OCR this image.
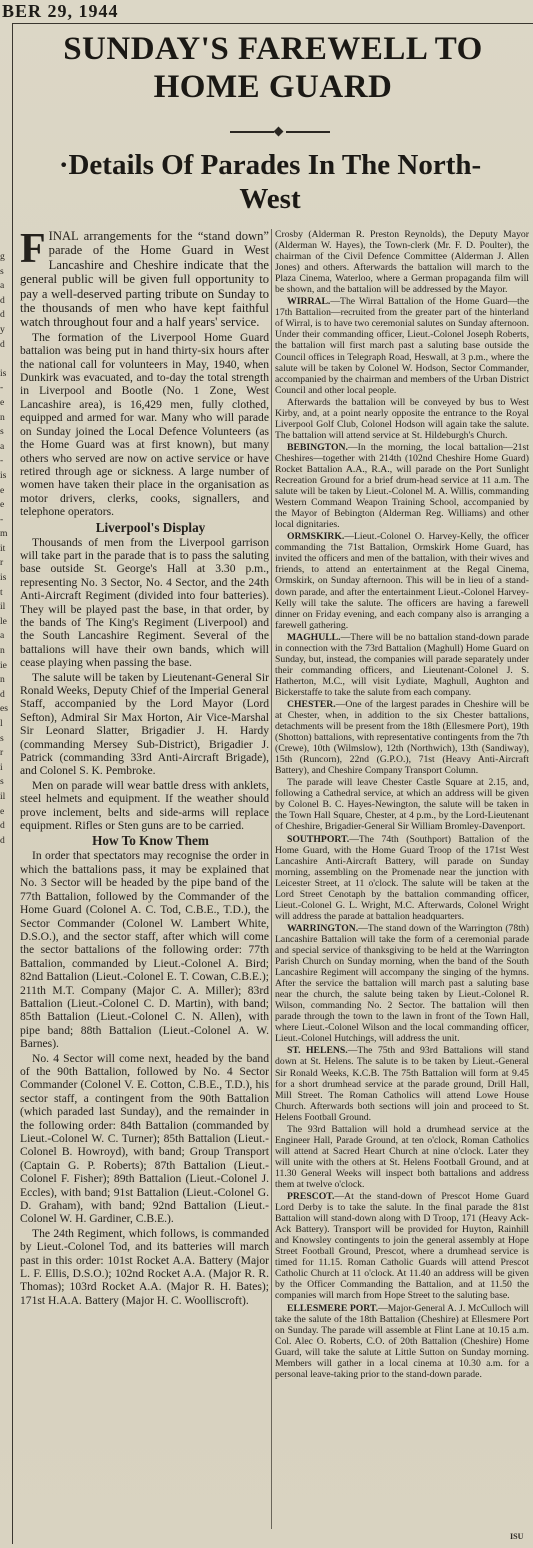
BER 29, 1944
g
s
a
d
d
y
d
is
-
e
n
s
a
-
is
e
e
-
m
it
r
is
t
il
le
a
n
ie
n
d
es
l
s
r
i
s
il
e
d
d
SUNDAY'S FAREWELL TO HOME GUARD
·Details Of Parades In The North-West

FINAL arrangements for the “stand down” parade of the Home Guard in West Lancashire and Cheshire indicate that the general public will be given full opportunity to pay a well-deserved parting tribute on Sunday to the thousands of men who have kept faithful watch throughout four and a half years' service.

The formation of the Liverpool Home Guard battalion was being put in hand thirty-six hours after the national call for volunteers in May, 1940, when Dunkirk was evacuated, and to-day the total strength in Liverpool and Bootle (No. 1 Zone, West Lancashire area), is 16,429 men, fully clothed, equipped and armed for war. Many who will parade on Sunday joined the Local Defence Volunteers (as the Home Guard was at first known), but many others who served are now on active service or have retired through age or sickness. A large number of women have taken their place in the organisation as motor drivers, clerks, cooks, signallers, and telephone operators.

Liverpool's Display

Thousands of men from the Liverpool garrison will take part in the parade that is to pass the saluting base outside St. George's Hall at 3.30 p.m., representing No. 3 Sector, No. 4 Sector, and the 24th Anti-Aircraft Regiment (divided into four batteries). They will be played past the base, in that order, by the bands of The King's Regiment (Liverpool) and the South Lancashire Regiment. Several of the battalions will have their own bands, which will cease playing when passing the base.

The salute will be taken by Lieutenant-General Sir Ronald Weeks, Deputy Chief of the Imperial General Staff, accompanied by the Lord Mayor (Lord Sefton), Admiral Sir Max Horton, Air Vice-Marshal Sir Leonard Slatter, Brigadier J. H. Hardy (commanding Mersey Sub-District), Brigadier J. Patrick (commanding 33rd Anti-Aircraft Brigade), and Colonel S. K. Pembroke.

Men on parade will wear battle dress with anklets, steel helmets and equipment. If the weather should prove inclement, belts and side-arms will replace equipment. Rifles or Sten guns are to be carried.

How To Know Them

In order that spectators may recognise the order in which the battalions pass, it may be explained that No. 3 Sector will be headed by the pipe band of the 77th Battalion, followed by the Commander of the Home Guard (Colonel A. C. Tod, C.B.E., T.D.), the Sector Commander (Colonel W. Lambert White, D.S.O.), and the sector staff, after which will come the sector battalions of the following order: 77th Battalion, commanded by Lieut.-Colonel A. Bird; 82nd Battalion (Lieut.-Colonel E. T. Cowan, C.B.E.); 211th M.T. Company (Major C. A. Miller); 83rd Battalion (Lieut.-Colonel C. D. Martin), with band; 85th Battalion (Lieut.-Colonel C. N. Allen), with pipe band; 88th Battalion (Lieut.-Colonel A. W. Barnes).

No. 4 Sector will come next, headed by the band of the 90th Battalion, followed by No. 4 Sector Commander (Colonel V. E. Cotton, C.B.E., T.D.), his sector staff, a contingent from the 90th Battalion (which paraded last Sunday), and the remainder in the following order: 84th Battalion (commanded by Lieut.-Colonel W. C. Turner); 85th Battalion (Lieut.-Colonel B. Howroyd), with band; Group Transport (Captain G. P. Roberts); 87th Battalion (Lieut.-Colonel F. Fisher); 89th Battalion (Lieut.-Colonel J. Eccles), with band; 91st Battalion (Lieut.-Colonel G. D. Graham), with band; 92nd Battalion (Lieut.-Colonel W. H. Gardiner, C.B.E.).

The 24th Regiment, which follows, is commanded by Lieut.-Colonel Tod, and its batteries will march past in this order: 101st Rocket A.A. Battery (Major L. F. Ellis, D.S.O.); 102nd Rocket A.A. (Major R. R. Thomas); 103rd Rocket A.A. (Major R. H. Bates); 171st H.A.A. Battery (Major H. C. Woolliscroft).

Crosby (Alderman R. Preston Reynolds), the Deputy Mayor (Alderman W. Hayes), the Town-clerk (Mr. F. D. Poulter), the chairman of the Civil Defence Committee (Alderman J. Allen Jones) and others. Afterwards the battalion will march to the Plaza Cinema, Waterloo, where a German propaganda film will be shown, and the battalion will be addressed by the Mayor.

WIRRAL.—The Wirral Battalion of the Home Guard—the 17th Battalion—recruited from the greater part of the hinterland of Wirral, is to have two ceremonial salutes on Sunday afternoon. Under their commanding officer, Lieut.-Colonel Joseph Roberts, the battalion will first march past a saluting base outside the Council offices in Telegraph Road, Heswall, at 3 p.m., where the salute will be taken by Colonel W. Hodson, Sector Commander, accompanied by the chairman and members of the Urban District Council and other local people.

Afterwards the battalion will be conveyed by bus to West Kirby, and, at a point nearly opposite the entrance to the Royal Liverpool Golf Club, Colonel Hodson will again take the salute. The battalion will attend service at St. Hildeburgh's Church.

BEBINGTON.—In the morning, the local battalion—21st Cheshires—together with 214th (102nd Cheshire Home Guard) Rocket Battalion A.A., R.A., will parade on the Port Sunlight Recreation Ground for a brief drum-head service at 11 a.m. The salute will be taken by Lieut.-Colonel M. A. Willis, commanding Western Command Weapon Training School, accompanied by the Mayor of Bebington (Alderman Reg. Williams) and other local dignitaries.

ORMSKIRK.—Lieut.-Colonel O. Harvey-Kelly, the officer commanding the 71st Battalion, Ormskirk Home Guard, has invited the officers and men of the battalion, with their wives and friends, to attend an entertainment at the Regal Cinema, Ormskirk, on Sunday afternoon. This will be in lieu of a stand-down parade, and after the entertainment Lieut.-Colonel Harvey-Kelly will take the salute. The officers are having a farewell dinner on Friday evening, and each company also is arranging a farewell gathering.

MAGHULL.—There will be no battalion stand-down parade in connection with the 73rd Battalion (Maghull) Home Guard on Sunday, but, instead, the companies will parade separately under their commanding officers, and Lieutenant-Colonel J. S. Hatherton, M.C., will visit Lydiate, Maghull, Aughton and Bickerstaffe to take the salute from each company.

CHESTER.—One of the largest parades in Cheshire will be at Chester, when, in addition to the six Chester battalions, detachments will be present from the 18th (Ellesmere Port), 19th (Shotton) battalions, with representative contingents from the 7th (Crewe), 10th (Wilmslow), 12th (Northwich), 13th (Sandiway), 15th (Runcorn), 22nd (G.P.O.), 71st (Heavy Anti-Aircraft Battery), and Cheshire Company Transport Column.

The parade will leave Chester Castle Square at 2.15, and, following a Cathedral service, at which an address will be given by Colonel B. C. Hayes-Newington, the salute will be taken in the Town Hall Square, Chester, at 4 p.m., by the Lord-Lieutenant of Cheshire, Brigadier-General Sir William Bromley-Davenport.

SOUTHPORT.—The 74th (Southport) Battalion of the Home Guard, with the Home Guard Troop of the 171st West Lancashire Anti-Aircraft Battery, will parade on Sunday morning, assembling on the Promenade near the junction with Leicester Street, at 11 o'clock. The salute will be taken at the Lord Street Cenotaph by the battalion commanding officer, Lieut.-Colonel G. L. Wright, M.C. Afterwards, Colonel Wright will address the parade at battalion headquarters.

WARRINGTON.—The stand down of the Warrington (78th) Lancashire Battalion will take the form of a ceremonial parade and special service of thanksgiving to be held at the Warrington Parish Church on Sunday morning, when the band of the South Lancashire Regiment will accompany the singing of the hymns. After the service the battalion will march past a saluting base near the church, the salute being taken by Lieut.-Colonel R. Wilson, commanding No. 2 Sector. The battalion will then parade through the town to the lawn in front of the Town Hall, where Lieut.-Colonel Wilson and the local commanding officer, Lieut.-Colonel Hutchings, will address the unit.

ST. HELENS.—The 75th and 93rd Battalions will stand down at St. Helens. The salute is to be taken by Lieut.-General Sir Ronald Weeks, K.C.B. The 75th Battalion will form at 9.45 for a short drumhead service at the parade ground, Drill Hall, Mill Street. The Roman Catholics will attend Lowe House Church. Afterwards both sections will join and proceed to St. Helens Football Ground.

The 93rd Battalion will hold a drumhead service at the Engineer Hall, Parade Ground, at ten o'clock, Roman Catholics will attend at Sacred Heart Church at nine o'clock. Later they will unite with the others at St. Helens Football Ground, and at 11.30 General Weeks will inspect both battalions and address them at twelve o'clock.

PRESCOT.—At the stand-down of Prescot Home Guard Lord Derby is to take the salute. In the final parade the 81st Battalion will stand-down along with D Troop, 171 (Heavy Ack-Ack Battery). Transport will be provided for Huyton, Rainhill and Knowsley contingents to join the general assembly at Hope Street Football Ground, Prescot, where a drumhead service is timed for 11.15. Roman Catholic Guards will attend Prescot Catholic Church at 11 o'clock. At 11.40 an address will be given by the Officer Commanding the Battalion, and at 11.50 the companies will march from Hope Street to the saluting base.

ELLESMERE PORT.—Major-General A. J. McCulloch will take the salute of the 18th Battalion (Cheshire) at Ellesmere Port on Sunday. The parade will assemble at Flint Lane at 10.15 a.m. Col. Alec O. Roberts, C.O. of 20th Battalion (Cheshire) Home Guard, will take the salute at Little Sutton on Sunday morning. Members will gather in a local cinema at 10.30 a.m. for a personal leave-taking prior to the stand-down parade.

ISU
